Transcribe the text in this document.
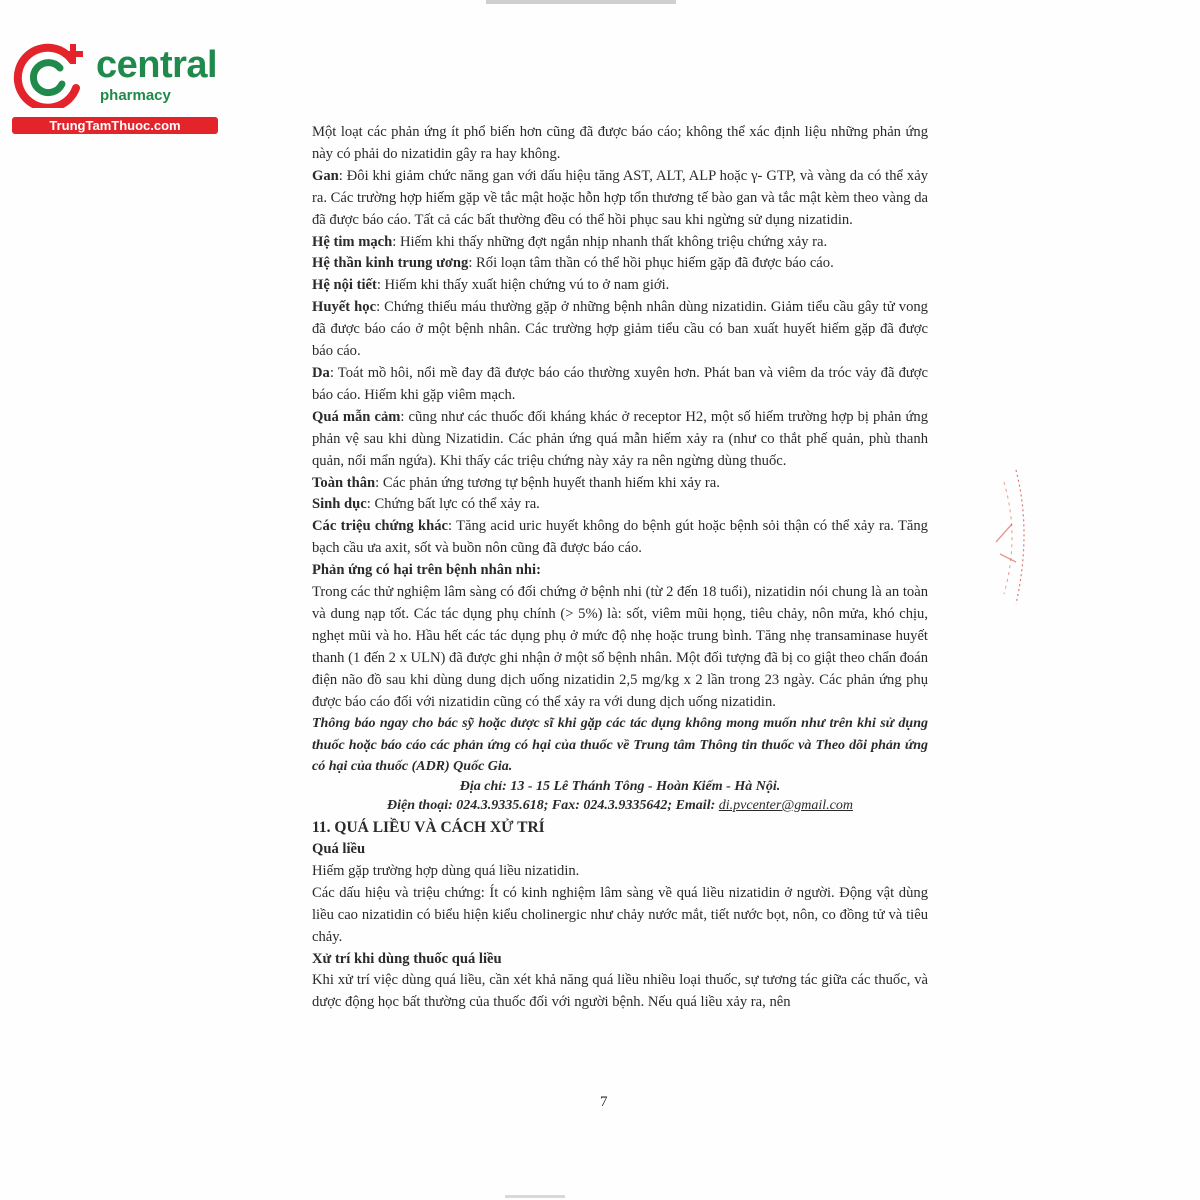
central
pharmacy
TrungTamThuoc.com	Một loạt các phản ứng ít phổ biến hơn cũng đã được báo cáo; không thể xác định liệu những phản ứng này có phải do nizatidin gây ra hay không.

Gan: Đôi khi giảm chức năng gan với dấu hiệu tăng AST, ALT, ALP hoặc γ- GTP, và vàng da có thể xảy ra. Các trường hợp hiếm gặp về tắc mật hoặc hỗn hợp tổn thương tế bào gan và tắc mật kèm theo vàng da đã được báo cáo. Tất cả các bất thường đều có thể hồi phục sau khi ngừng sử dụng nizatidin.

Hệ tim mạch: Hiếm khi thấy những đợt ngắn nhịp nhanh thất không triệu chứng xảy ra.

Hệ thần kinh trung ương: Rối loạn tâm thần có thể hồi phục hiếm gặp đã được báo cáo.

Hệ nội tiết: Hiếm khi thấy xuất hiện chứng vú to ở nam giới.

Huyết học: Chứng thiếu máu thường gặp ở những bệnh nhân dùng nizatidin. Giảm tiểu cầu gây tử vong đã được báo cáo ở một bệnh nhân. Các trường hợp giảm tiểu cầu có ban xuất huyết hiếm gặp đã được báo cáo.

Da: Toát mồ hôi, nổi mề đay đã được báo cáo thường xuyên hơn. Phát ban và viêm da tróc vảy đã được báo cáo. Hiếm khi gặp viêm mạch.

Quá mẫn cảm: cũng như các thuốc đối kháng khác ở receptor H2, một số hiếm trường hợp bị phản ứng phản vệ sau khi dùng Nizatidin. Các phản ứng quá mẫn hiếm xảy ra (như co thắt phế quản, phù thanh quản, nổi mẩn ngứa). Khi thấy các triệu chứng này xảy ra nên ngừng dùng thuốc.

Toàn thân: Các phản ứng tương tự bệnh huyết thanh hiếm khi xảy ra.

Sinh dục: Chứng bất lực có thể xảy ra.

Các triệu chứng khác: Tăng acid uric huyết không do bệnh gút hoặc bệnh sỏi thận có thể xảy ra. Tăng bạch cầu ưa axit, sốt và buồn nôn cũng đã được báo cáo.

Phản ứng có hại trên bệnh nhân nhi:

Trong các thử nghiệm lâm sàng có đối chứng ở bệnh nhi (từ 2 đến 18 tuổi), nizatidin nói chung là an toàn và dung nạp tốt. Các tác dụng phụ chính (> 5%) là: sốt, viêm mũi họng, tiêu chảy, nôn mửa, khó chịu, nghẹt mũi và ho. Hầu hết các tác dụng phụ ở mức độ nhẹ hoặc trung bình. Tăng nhẹ transaminase huyết thanh (1 đến 2 x ULN) đã được ghi nhận ở một số bệnh nhân. Một đối tượng đã bị co giật theo chẩn đoán điện não đồ sau khi dùng dung dịch uống nizatidin 2,5 mg/kg x 2 lần trong 23 ngày. Các phản ứng phụ được báo cáo đối với nizatidin cũng có thể xảy ra với dung dịch uống nizatidin.

Thông báo ngay cho bác sỹ hoặc dược sĩ khi gặp các tác dụng không mong muốn như trên khi sử dụng thuốc hoặc báo cáo các phản ứng có hại của thuốc về Trung tâm Thông tin thuốc và Theo dõi phản ứng có hại của thuốc (ADR) Quốc Gia.

Địa chỉ: 13 - 15 Lê Thánh Tông - Hoàn Kiếm - Hà Nội.

Điện thoại: 024.3.9335.618; Fax: 024.3.9335642; Email: di.pvcenter@gmail.com

11. QUÁ LIỀU VÀ CÁCH XỬ TRÍ

Quá liều

Hiếm gặp trường hợp dùng quá liều nizatidin.

Các dấu hiệu và triệu chứng: Ít có kinh nghiệm lâm sàng về quá liều nizatidin ở người. Động vật dùng liều cao nizatidin có biểu hiện kiểu cholinergic như chảy nước mắt, tiết nước bọt, nôn, co đồng tử và tiêu chảy.

Xử trí khi dùng thuốc quá liều

Khi xử trí việc dùng quá liều, cần xét khả năng quá liều nhiều loại thuốc, sự tương tác giữa các thuốc, và dược động học bất thường của thuốc đối với người bệnh. Nếu quá liều xảy ra, nên

7
